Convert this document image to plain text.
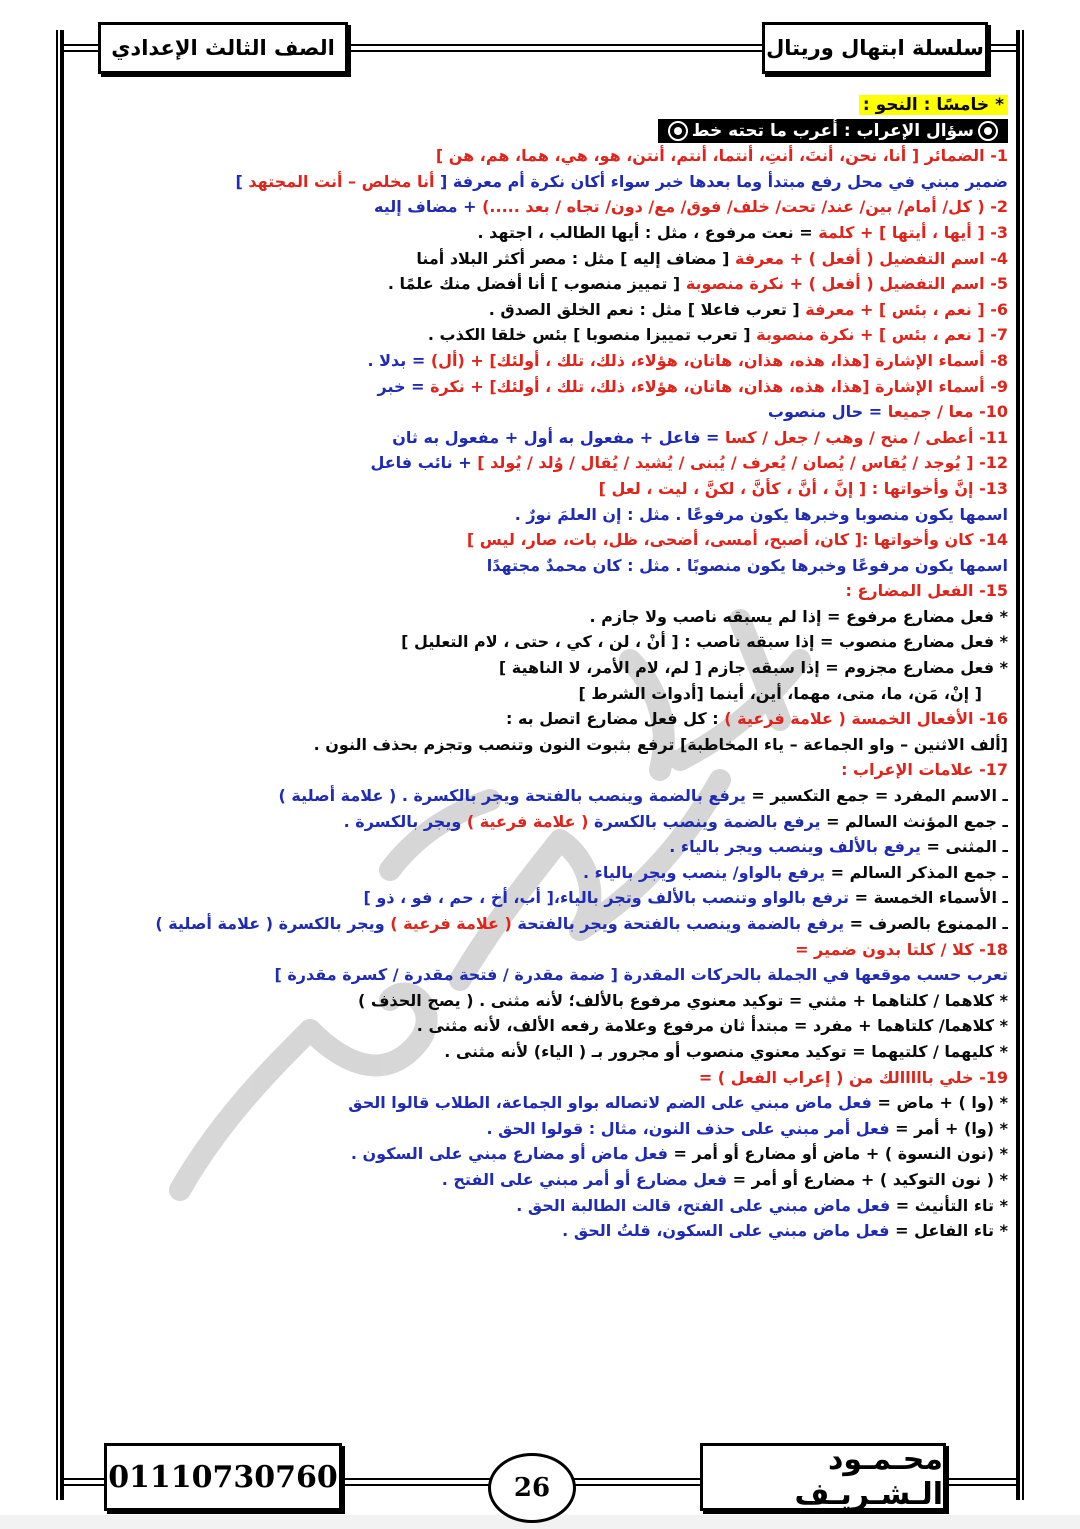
الصف الثالث الإعدادي	سلسلة ابتهال وريتال
* خامسًا : النحو :
سؤال الإعراب : أعرب ما تحته خط
1- الضمائر [ أنا، نحن، أنتَ، أنتِ، أنتما، أنتم، أنتن، هو، هي، هما، هم، هن ]
ضمير مبني في محل رفع مبتدأ وما بعدها خبر سواء أكان نكرة أم معرفة [ أنا مخلص – أنت المجتهد ]
2- ( كل/ أمام/ بين/ عند/ تحت/ خلف/ فوق/ مع/ دون/ تجاه / بعد .....) + مضاف إليه
3- [ أيها ، أيتها ] + كلمة = نعت مرفوع ، مثل : أيها الطالب ، اجتهد .
4- اسم التفضيل ( أفعل ) + معرفة [ مضاف إليه ] مثل : مصر أكثر البلاد أمنا
5- اسم التفضيل ( أفعل ) + نكرة منصوبة [ تمييز منصوب ] أنا أفضل منك علمًا .
6- [ نعم ، بئس ] + معرفة [ تعرب فاعلا ] مثل : نعم الخلق الصدق .
7- [ نعم ، بئس ] + نكرة منصوبة [ تعرب تمييزا منصوبا ] بئس خلقا الكذب .
8- أسماء الإشارة [هذا، هذه، هذان، هاتان، هؤلاء، ذلك، تلك ، أولئك] + (أل) = بدلا .
9- أسماء الإشارة [هذا، هذه، هذان، هاتان، هؤلاء، ذلك، تلك ، أولئك] + نكرة = خبر
10- معا / جميعا = حال منصوب
11- أعطى / منح / وهب / جعل / كسا = فاعل + مفعول به أول + مفعول به ثان
12- [ يُوجد / يُقاس / يُصان / يُعرف / يُبنى / يُشيد / يُقال / وُلد / يُولد ] + نائب فاعل
13- إنَّ وأخواتها : [ إنَّ ، أنَّ ، كأنَّ ، لكنَّ ، ليت ، لعل ]
اسمها يكون منصوبا وخبرها يكون مرفوعًا . مثل : إن العلمَ نورٌ .
14- كان وأخواتها :[ كان، أصبح، أمسى، أضحى، ظل، بات، صار، ليس ]
اسمها يكون مرفوعًا وخبرها يكون منصوبًا . مثل : كان محمدٌ مجتهدًا
15- الفعل المضارع :
* فعل مضارع مرفوع = إذا لم يسبقه ناصب ولا جازم .
* فعل مضارع منصوب = إذا سبقه ناصب : [ أنْ ، لن ، كي ، حتى ، لام التعليل ]
* فعل مضارع مجزوم = إذا سبقه جازم [ لم، لام الأمر، لا الناهية ]
[ إنْ، مَن، ما، متى، مهما، أين، أينما [أدوات الشرط ]
16- الأفعال الخمسة ( علامة فرعية ) : كل فعل مضارع اتصل به :
[ألف الاثنين – واو الجماعة – ياء المخاطبة] ترفع بثبوت النون وتنصب وتجزم بحذف النون .
17- علامات الإعراب :
ـ الاسم المفرد = جمع التكسير = يرفع بالضمة وينصب بالفتحة ويجر بالكسرة . ( علامة أصلية )
ـ جمع المؤنث السالم = يرفع بالضمة وينصب بالكسرة ( علامة فرعية ) ويجر بالكسرة .
ـ المثنى = يرفع بالألف وينصب ويجر بالياء .
ـ جمع المذكر السالم = يرفع بالواو/ ينصب ويجر بالياء .
ـ الأسماء الخمسة = ترفع بالواو وتنصب بالألف وتجر بالياء،[ أب، أخ ، حم ، فو ، ذو ]
ـ الممنوع بالصرف = يرفع بالضمة وينصب بالفتحة ويجر بالفتحة ( علامة فرعية ) ويجر بالكسرة ( علامة أصلية )
18- كلا / كلتا بدون ضمير =
تعرب حسب موقعها في الجملة بالحركات المقدرة [ ضمة مقدرة / فتحة مقدرة / كسرة مقدرة ]
* كلاهما / كلتاهما + مثني = توكيد معنوي مرفوع بالألف؛ لأنه مثنى . ( يصح الحذف )
* كلاهما/ كلتاهما + مفرد = مبتدأ ثان مرفوع وعلامة رفعه الألف، لأنه مثنى .
* كليهما / كلتيهما = توكيد معنوي منصوب أو مجرور بـ ( الياء) لأنه مثنى .
19- خلي بااااالك من ( إعراب الفعل ) =
* (وا ) + ماض = فعل ماض مبني على الضم لاتصاله بواو الجماعة، الطلاب قالوا الحق
* (وا) + أمر = فعل أمر مبني على حذف النون، مثال : قولوا الحق .
* (نون النسوة ) + ماض أو مضارع أو أمر = فعل ماض أو مضارع مبني على السكون .
* ( نون التوكيد ) + مضارع أو أمر = فعل مضارع أو أمر مبني على الفتح .
* تاء التأنيث = فعل ماض مبني على الفتح، قالت الطالبة الحق .
* تاء الفاعل = فعل ماض مبني على السكون، قلتُ الحق .
01110730760	26
محـمـود الـشـريـف
